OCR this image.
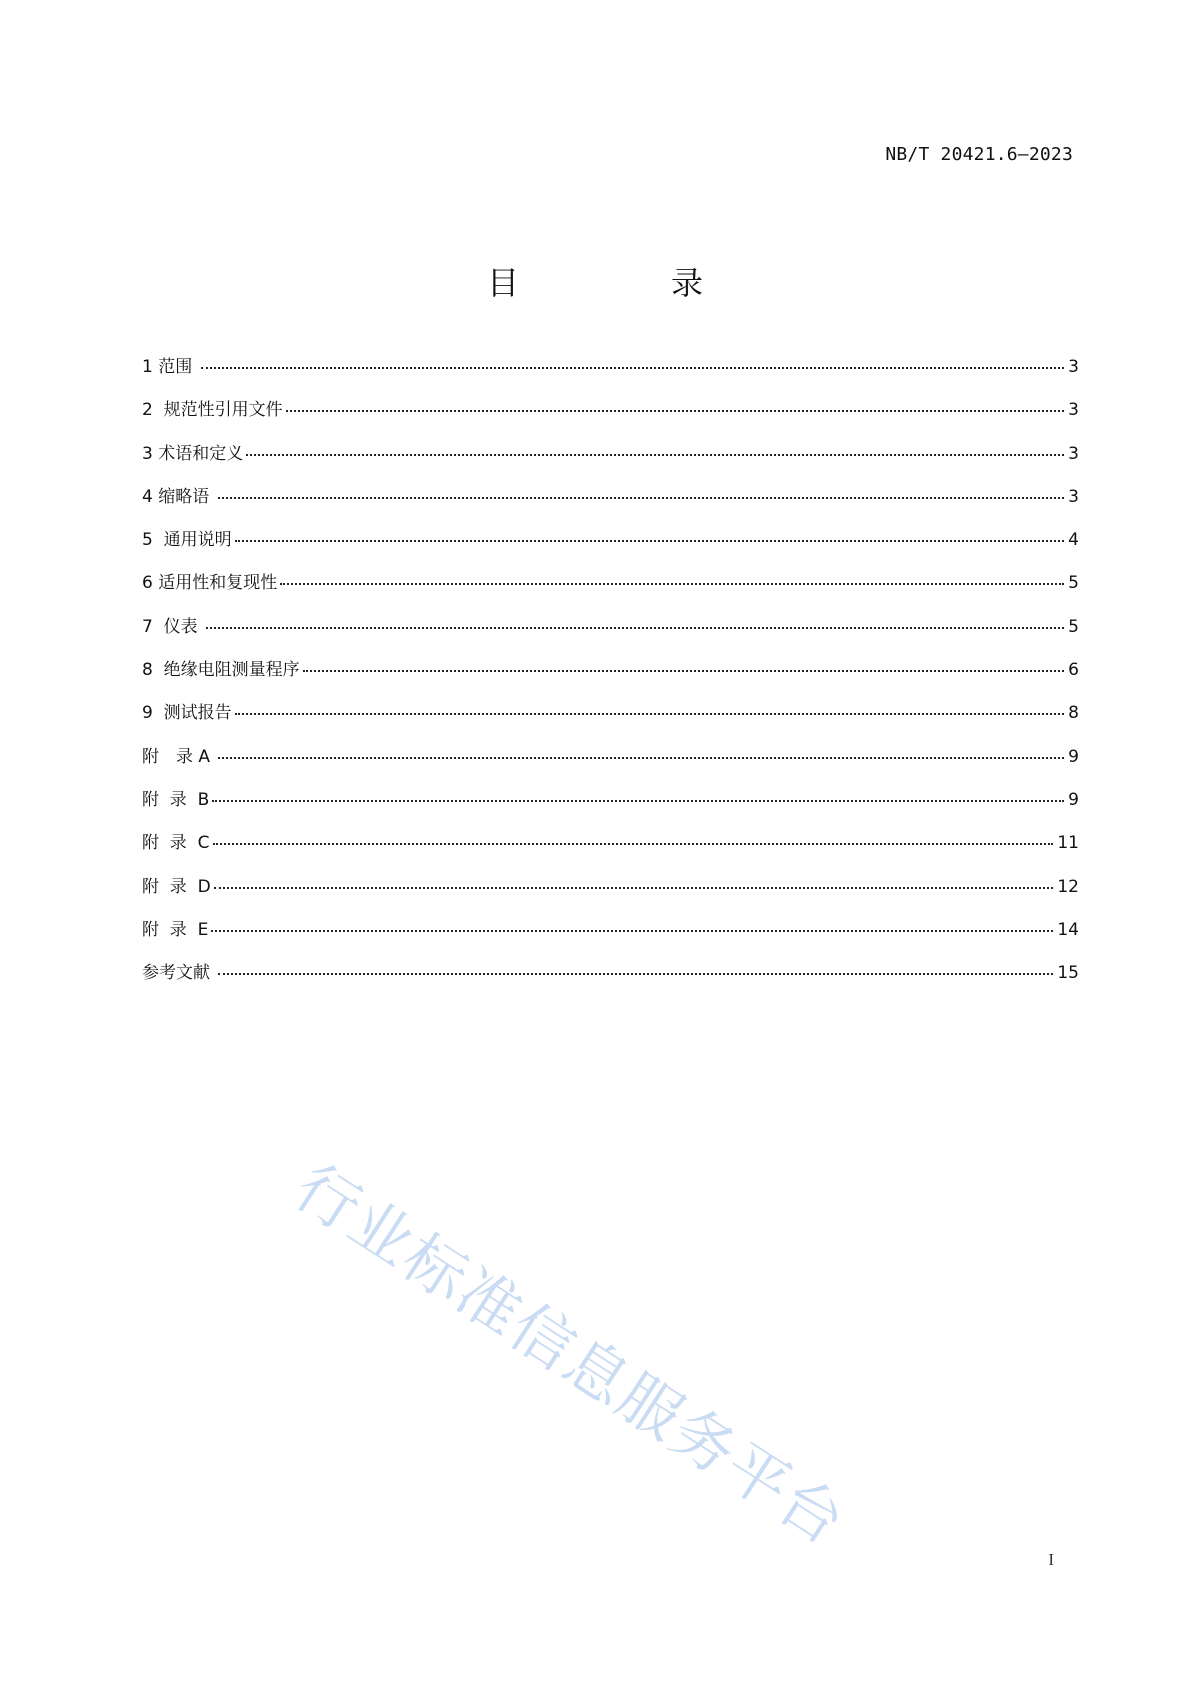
NB/T 20421.6—2023
目　录
1 范围	3
2  规范性引用文件	3
3 术语和定义	3
4 缩略语	3
5  通用说明	4
6 适用性和复现性	5
7  仪表	5
8  绝缘电阻测量程序	6
9  测试报告	8
附　录 A	9
附  录  B	9
附  录  C	11
附  录  D	12
附  录  E	14
参考文献	15
行业标准信息服务平台	I
